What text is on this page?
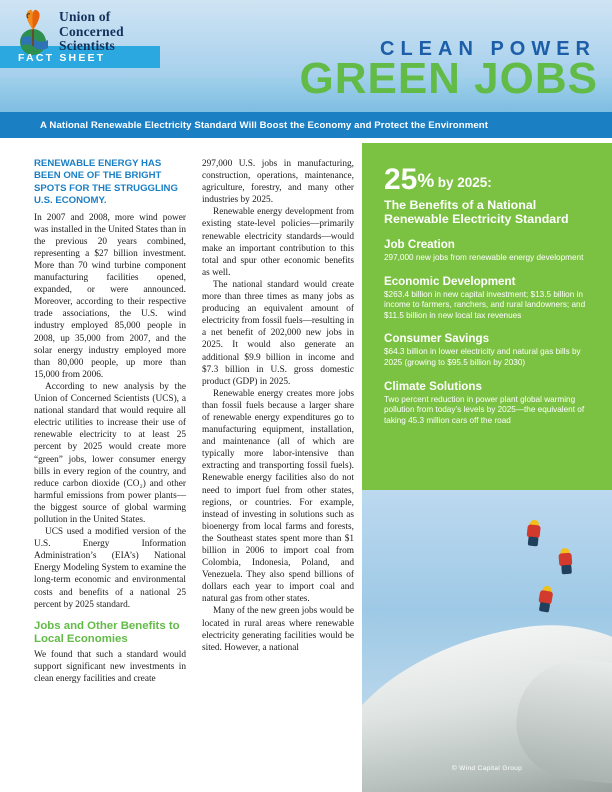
Union of
Concerned
Scientists
FACT SHEET	CLEAN POWER
GREEN JOBS
A National Renewable Electricity Standard Will Boost the Economy and Protect the Environment
RENEWABLE ENERGY HAS BEEN ONE OF THE BRIGHT SPOTS FOR THE STRUGGLING U.S. ECONOMY.

In 2007 and 2008, more wind power was installed in the United States than in the previous 20 years combined, representing a $27 billion investment. More than 70 wind turbine component manufacturing facilities opened, expanded, or were announced. Moreover, according to their respective trade associations, the U.S. wind industry employed 85,000 people in 2008, up 35,000 from 2007, and the solar energy industry employed more than 80,000 people, up more than 15,000 from 2006.

According to new analysis by the Union of Concerned Scientists (UCS), a national standard that would require all electric utilities to increase their use of renewable electricity to at least 25 percent by 2025 would create more “green” jobs, lower consumer energy bills in every region of the country, and reduce carbon dioxide (CO₂) and other harmful emissions from power plants—the biggest source of global warming pollution in the United States.

UCS used a modified version of the U.S. Energy Information Administration’s (EIA’s) National Energy Modeling System to examine the long-term economic and environmental costs and benefits of a national 25 percent by 2025 standard.

Jobs and Other Benefits to Local Economies

We found that such a standard would support significant new investments in clean energy facilities and create

297,000 U.S. jobs in manufacturing, construction, operations, maintenance, agriculture, forestry, and many other industries by 2025.

Renewable energy development from existing state-level policies—primarily renewable electricity standards—would make an important contribution to this total and spur other economic benefits as well.

The national standard would create more than three times as many jobs as producing an equivalent amount of electricity from fossil fuels—resulting in a net benefit of 202,000 new jobs in 2025. It would also generate an additional $9.9 billion in income and $7.3 billion in U.S. gross domestic product (GDP) in 2025.

Renewable energy creates more jobs than fossil fuels because a larger share of renewable energy expenditures go to manufacturing equipment, installation, and maintenance (all of which are typically more labor-intensive than extracting and transporting fossil fuels). Renewable energy facilities also do not need to import fuel from other states, regions, or countries. For example, instead of investing in solutions such as bioenergy from local farms and forests, the Southeast states spent more than $1 billion in 2006 to import coal from Colombia, Indonesia, Poland, and Venezuela. They also spend billions of dollars each year to import coal and natural gas from other states.

Many of the new green jobs would be located in rural areas where renewable electricity generating facilities would be sited. However, a national

25% by 2025:
The Benefits of a National Renewable Electricity Standard
Job Creation
297,000 new jobs from renewable energy development
Economic Development
$263.4 billion in new capital investment; $13.5 billion in income to farmers, ranchers, and rural landowners; and $11.5 billion in new local tax revenues
Consumer Savings
$64.3 billion in lower electricity and natural gas bills by 2025 (growing to $95.5 billion by 2030)
Climate Solutions
Two percent reduction in power plant global warming pollution from today’s levels by 2025—the equivalent of taking 45.3 million cars off the road
© Wind Capital Group
